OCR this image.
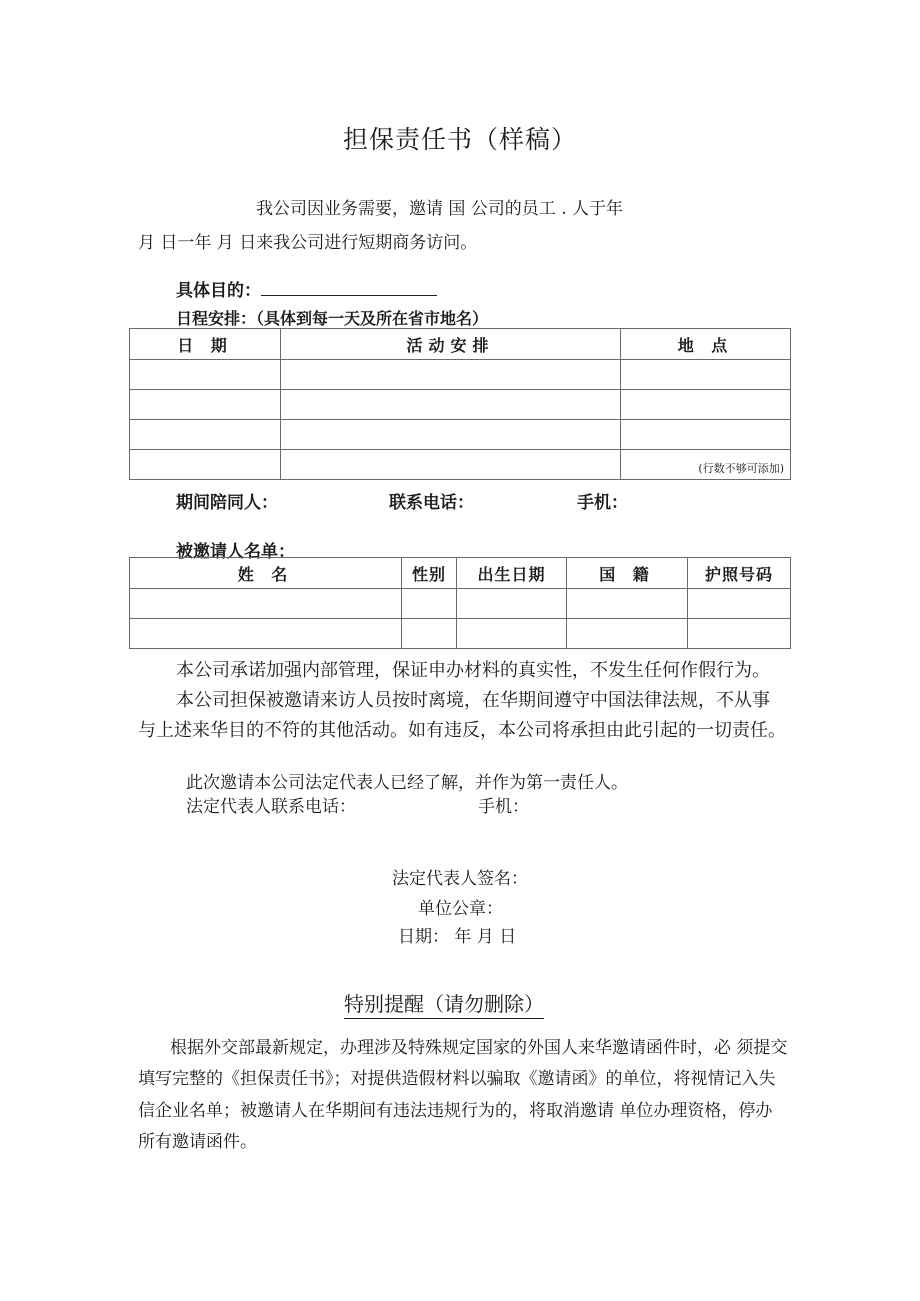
担保责任书（样稿）
我公司因业务需要，邀请 国 公司的员工 . 人于年
月 日一年 月 日来我公司进行短期商务访问。
具体目的：
日程安排：（具体到每一天及所在省市地名）
日 期	活动安排	地 点

		(行数不够可添加)
期间陪同人：	联系电话：	手机：
被邀请人名单：
姓 名	性别	出生日期	国 籍	护照号码

本公司承诺加强内部管理，保证申办材料的真实性，不发生任何作假行为。
本公司担保被邀请来访人员按时离境，在华期间遵守中国法律法规，不从事
与上述来华目的不符的其他活动。如有违反，本公司将承担由此引起的一切责任。
此次邀请本公司法定代表人已经了解，并作为第一责任人。
法定代表人联系电话：	手机：
法定代表人签名：
单位公章：
日期： 年 月 日
特别提醒（请勿删除）
根据外交部最新规定，办理涉及特殊规定国家的外国人来华邀请函件时，必 须提交
填写完整的《担保责任书》；对提供造假材料以骗取《邀请函》的单位，将视情记入失
信企业名单；被邀请人在华期间有违法违规行为的，将取消邀请 单位办理资格，停办
所有邀请函件。
